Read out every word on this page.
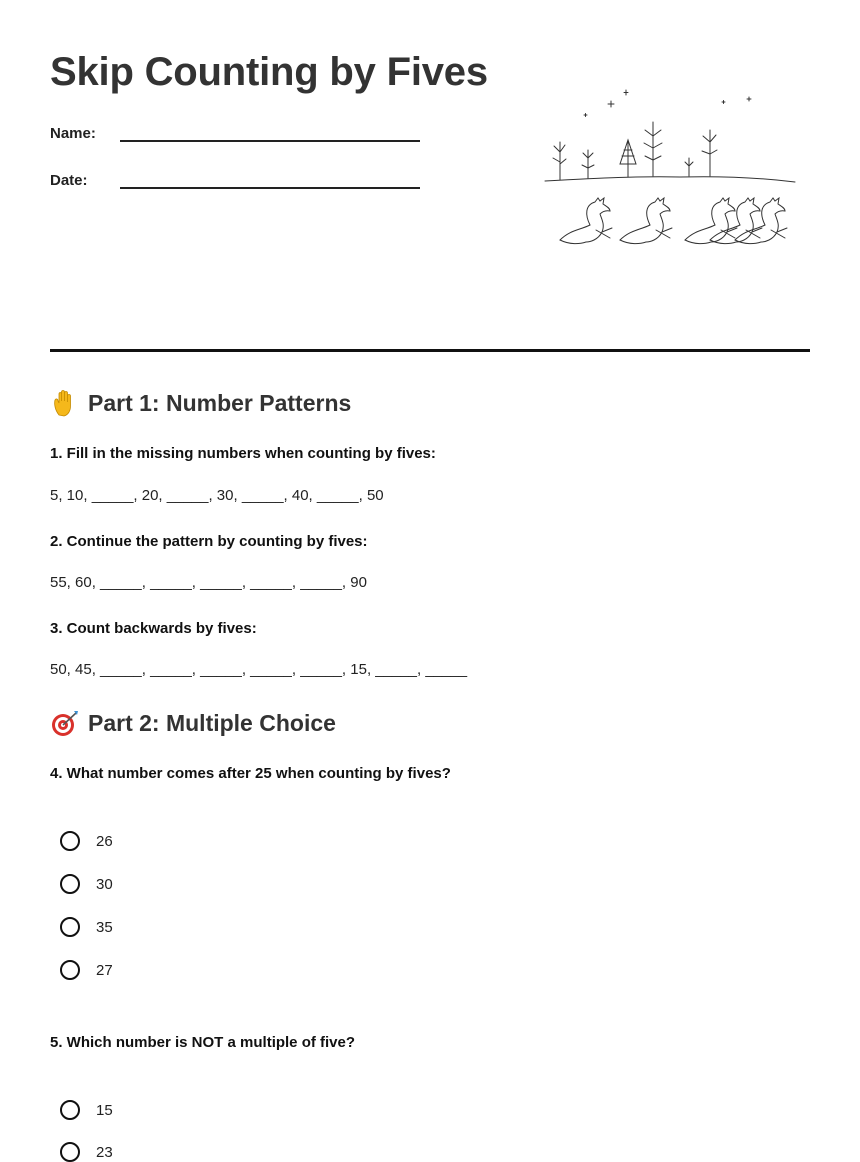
Skip Counting by Fives
Name:
Date:
Part 1: Number Patterns

1. Fill in the missing numbers when counting by fives:

5, 10, _____, 20, _____, 30, _____, 40, _____, 50

2. Continue the pattern by counting by fives:

55, 60, _____, _____, _____, _____, _____, 90

3. Count backwards by fives:

50, 45, _____, _____, _____, _____, _____, 15, _____, _____

Part 2: Multiple Choice

4. What number comes after 25 when counting by fives?

26
30
35
27

5. Which number is NOT a multiple of five?

15
23
